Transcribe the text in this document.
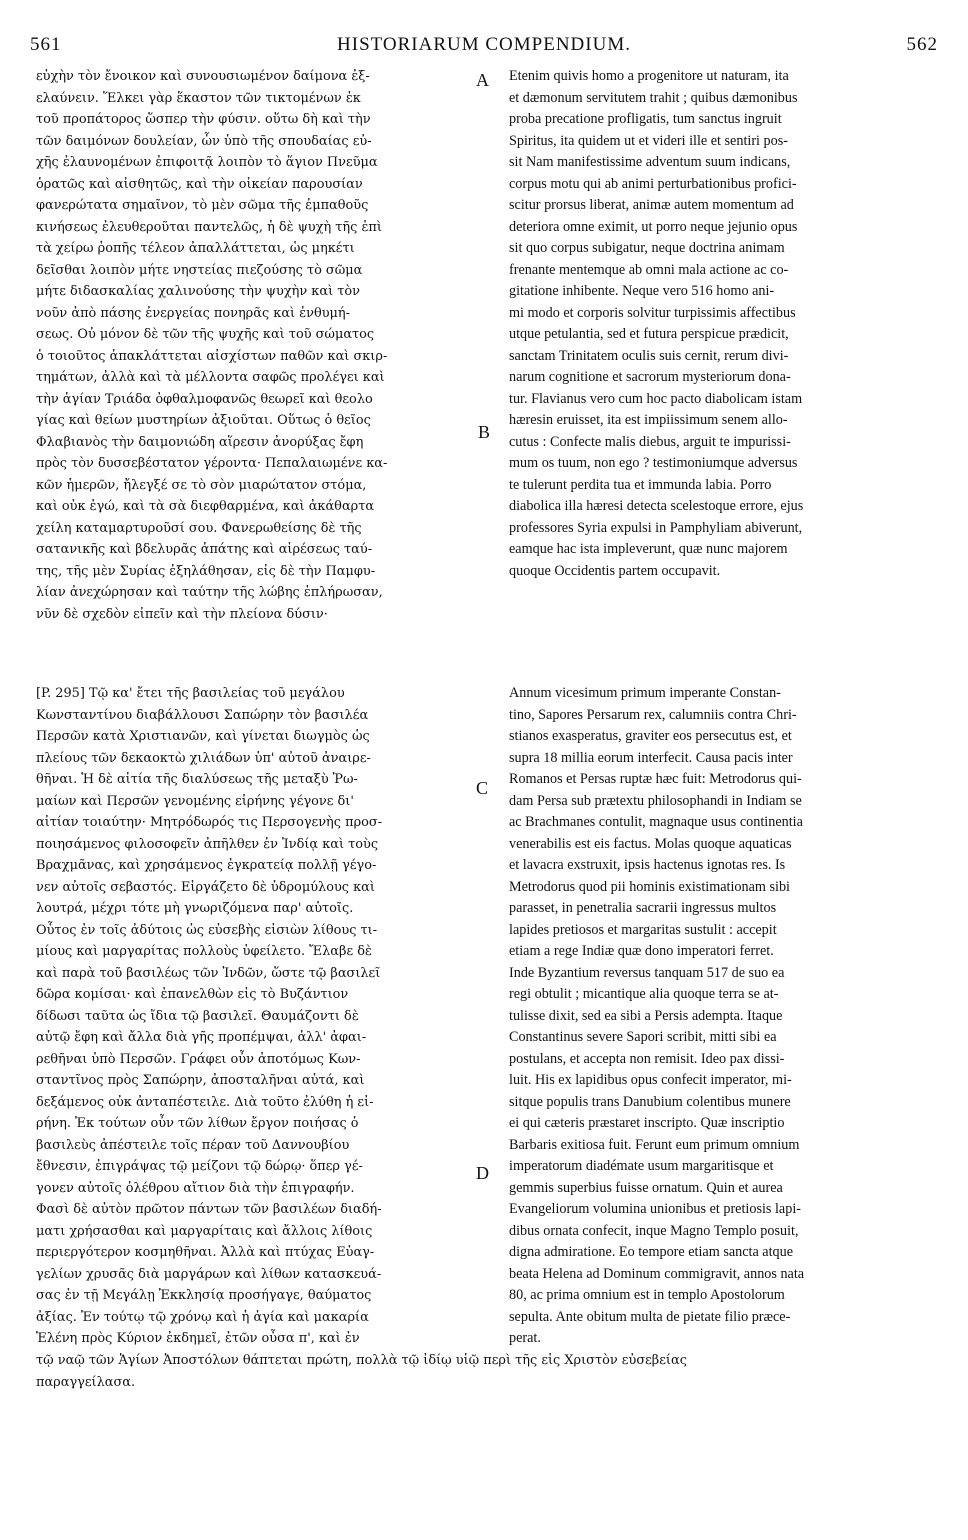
561	HISTORIARUM COMPENDIUM.	562
A
B
C
D
εὐχὴν τὸν ἔνοικον καὶ συνουσιωμένον δαίμονα ἐξ-
ελαύνειν. Ἕλκει γὰρ ἕκαστον τῶν τικτομένων ἐκ
τοῦ προπάτορος ὥσπερ τὴν φύσιν. οὕτω δὴ καὶ τὴν
τῶν δαιμόνων δουλείαν, ὧν ὑπὸ τῆς σπουδαίας εὐ-
χῆς ἐλαυνομένων ἐπιφοιτᾷ λοιπὸν τὸ ἅγιον Πνεῦμα
ὁρατῶς καὶ αἰσθητῶς, καὶ τὴν οἰκείαν παρουσίαν
φανερώτατα σημαῖνον, τὸ μὲν σῶμα τῆς ἐμπαθοῦς
κινήσεως ἐλευθεροῦται παντελῶς, ἡ δὲ ψυχὴ τῆς ἐπὶ
τὰ χείρω ῥοπῆς τέλεον ἀπαλλάττεται, ὡς μηκέτι
δεῖσθαι λοιπὸν μήτε νηστείας πιεζούσης τὸ σῶμα
μήτε διδασκαλίας χαλινούσης τὴν ψυχὴν καὶ τὸν
νοῦν ἀπὸ πάσης ἐνεργείας πονηρᾶς καὶ ἐνθυμή-
σεως. Οὐ μόνον δὲ τῶν τῆς ψυχῆς καὶ τοῦ σώματος
ὁ τοιοῦτος ἀπακλάττεται αἰσχίστων παθῶν καὶ σκιρ-
τημάτων, ἀλλὰ καὶ τὰ μέλλοντα σαφῶς προλέγει καὶ
τὴν ἁγίαν Τριάδα ὀφθαλμοφανῶς θεωρεῖ καὶ θεολο
γίας καὶ θείων μυστηρίων ἀξιοῦται. Οὕτως ὁ θεῖος
Φλαβιανὸς τὴν δαιμονιώδη αἵρεσιν ἀνορύξας ἔφη
πρὸς τὸν δυσσεβέστατον γέροντα· Πεπαλαιωμένε κα-
κῶν ἡμερῶν, ἤλεγξέ σε τὸ σὸν μιαρώτατον στόμα,
καὶ οὐκ ἐγώ, καὶ τὰ σὰ διεφθαρμένα, καὶ ἀκάθαρτα
χείλη καταμαρτυροῦσί σου. Φανερωθείσης δὲ τῆς
σατανικῆς καὶ βδελυρᾶς ἀπάτης καὶ αἱρέσεως ταύ-
της, τῆς μὲν Συρίας ἐξηλάθησαν, εἰς δὲ τὴν Παμφυ-
λίαν ἀνεχώρησαν καὶ ταύτην τῆς λώβης ἐπλήρωσαν,
νῦν δὲ σχεδὸν εἰπεῖν καὶ τὴν πλείονα δύσιν·
Etenim quivis homo a progenitore ut naturam, ita
et dæmonum servitutem trahit ; quibus dæmonibus
proba precatione profligatis, tum sanctus ingruit
Spiritus, ita quidem ut et videri ille et sentiri pos-
sit Nam manifestissime adventum suum indicans,
corpus motu qui ab animi perturbationibus profici-
scitur prorsus liberat, animæ autem momentum ad
deteriora omne eximit, ut porro neque jejunio opus
sit quo corpus subigatur, neque doctrina animam
frenante mentemque ab omni mala actione ac co-
gitatione inhibente. Neque vero 516 homo ani-
mi modo et corporis solvitur turpissimis affectibus
utque petulantia, sed et futura perspicue prædicit,
sanctam Trinitatem oculis suis cernit, rerum divi-
narum cognitione et sacrorum mysteriorum dona-
tur. Flavianus vero cum hoc pacto diabolicam istam
hæresin eruisset, ita est impiissimum senem allo-
cutus : Confecte malis diebus, arguit te impurissi-
mum os tuum, non ego ? testimoniumque adversus
te tulerunt perdita tua et immunda labia. Porro
diabolica illa hæresi detecta scelestoque errore, ejus
professores Syria expulsi in Pamphyliam abiverunt,
eamque hac ista impleverunt, quæ nunc majorem
quoque Occidentis partem occupavit.
[P. 295] Τῷ κα' ἔτει τῆς βασιλείας τοῦ μεγάλου
Κωνσταντίνου διαβάλλουσι Σαπώρην τὸν βασιλέα
Περσῶν κατὰ Χριστιανῶν, καὶ γίνεται διωγμὸς ὡς
πλείους τῶν δεκαοκτὼ χιλιάδων ὑπ' αὐτοῦ ἀναιρε-
θῆναι. Ἡ δὲ αἰτία τῆς διαλύσεως τῆς μεταξὺ Ῥω-
μαίων καὶ Περσῶν γενομένης εἰρήνης γέγονε δι'
αἰτίαν τοιαύτην· Μητρόδωρός τις Περσογενὴς προσ-
ποιησάμενος φιλοσοφεῖν ἀπῆλθεν ἐν Ἰνδίᾳ καὶ τοὺς
Βραχμᾶνας, καὶ χρησάμενος ἐγκρατείᾳ πολλῇ γέγο-
νεν αὐτοῖς σεβαστός. Εἰργάζετο δὲ ὑδρομύλους καὶ
λουτρά, μέχρι τότε μὴ γνωριζόμενα παρ' αὐτοῖς.
Οὗτος ἐν τοῖς ἀδύτοις ὡς εὐσεβὴς εἰσιὼν λίθους τι-
μίους καὶ μαργαρίτας πολλοὺς ὑφείλετο. Ἔλαβε δὲ
καὶ παρὰ τοῦ βασιλέως τῶν Ἰνδῶν, ὥστε τῷ βασιλεῖ
δῶρα κομίσαι· καὶ ἐπανελθὼν εἰς τὸ Βυζάντιον
δίδωσι ταῦτα ὡς ἴδια τῷ βασιλεῖ. Θαυμάζοντι δὲ
αὐτῷ ἔφη καὶ ἄλλα διὰ γῆς προπέμψαι, ἀλλ' ἀφαι-
ρεθῆναι ὑπὸ Περσῶν. Γράφει οὖν ἀποτόμως Κων-
σταντῖνος πρὸς Σαπώρην, ἀποσταλῆναι αὐτά, καὶ
δεξάμενος οὐκ ἀνταπέστειλε. Διὰ τοῦτο ἐλύθη ἡ εἰ-
ρήνη. Ἐκ τούτων οὖν τῶν λίθων ἔργον ποιήσας ὁ
βασιλεὺς ἀπέστειλε τοῖς πέραν τοῦ Δαννουβίου
ἔθνεσιν, ἐπιγράψας τῷ μείζονι τῷ δώρῳ· ὅπερ γέ-
γονεν αὐτοῖς ὀλέθρου αἴτιον διὰ τὴν ἐπιγραφήν.
Φασὶ δὲ αὐτὸν πρῶτον πάντων τῶν βασιλέων διαδή-
ματι χρήσασθαι καὶ μαργαρίταις καὶ ἄλλοις λίθοις
περιεργότερον κοσμηθῆναι. Ἀλλὰ καὶ πτύχας Εὐαγ-
γελίων χρυσᾶς διὰ μαργάρων καὶ λίθων κατασκευά-
σας ἐν τῇ Μεγάλῃ Ἐκκλησίᾳ προσήγαγε, θαύματος
ἀξίας. Ἐν τούτῳ τῷ χρόνῳ καὶ ἡ ἁγία καὶ μακαρία
Ἑλένη πρὸς Κύριον ἐκδημεῖ, ἐτῶν οὖσα π', καὶ ἐν
Annum vicesimum primum imperante Constan-
tino, Sapores Persarum rex, calumniis contra Chri-
stianos exasperatus, graviter eos persecutus est, et
supra 18 millia eorum interfecit. Causa pacis inter
Romanos et Persas ruptæ hæc fuit: Metrodorus qui-
dam Persa sub prætextu philosophandi in Indiam se
ac Brachmanes contulit, magnaque usus continentia
venerabilis est eis factus. Molas quoque aquaticas
et lavacra exstruxit, ipsis hactenus ignotas res. Is
Metrodorus quod pii hominis existimationam sibi
parasset, in penetralia sacrarii ingressus multos
lapides pretiosos et margaritas sustulit : accepit
etiam a rege Indiæ quæ dono imperatori ferret.
Inde Byzantium reversus tanquam 517 de suo ea
regi obtulit ; micantique alia quoque terra se at-
tulisse dixit, sed ea sibi a Persis adempta. Itaque
Constantinus severe Sapori scribit, mitti sibi ea
postulans, et accepta non remisit. Ideo pax dissi-
luit. His ex lapidibus opus confecit imperator, mi-
sitque populis trans Danubium colentibus munere
ei qui cæteris præstaret inscripto. Quæ inscriptio
Barbaris exitiosa fuit. Ferunt eum primum omnium
imperatorum diadémate usum margaritisque et
gemmis superbius fuisse ornatum. Quin et aurea
Evangeliorum volumina unionibus et pretiosis lapi-
dibus ornata confecit, inque Magno Templo posuit,
digna admiratione. Eo tempore etiam sancta atque
beata Helena ad Dominum commigravit, annos nata
80, ac prima omnium est in templo Apostolorum
sepulta. Ante obitum multa de pietate filio præce-
perat.
τῷ ναῷ τῶν Ἁγίων Ἀποστόλων θάπτεται πρώτη, πολλὰ τῷ ἰδίῳ υἱῷ περὶ τῆς εἰς Χριστὸν εὐσεβείας
παραγγείλασα.
